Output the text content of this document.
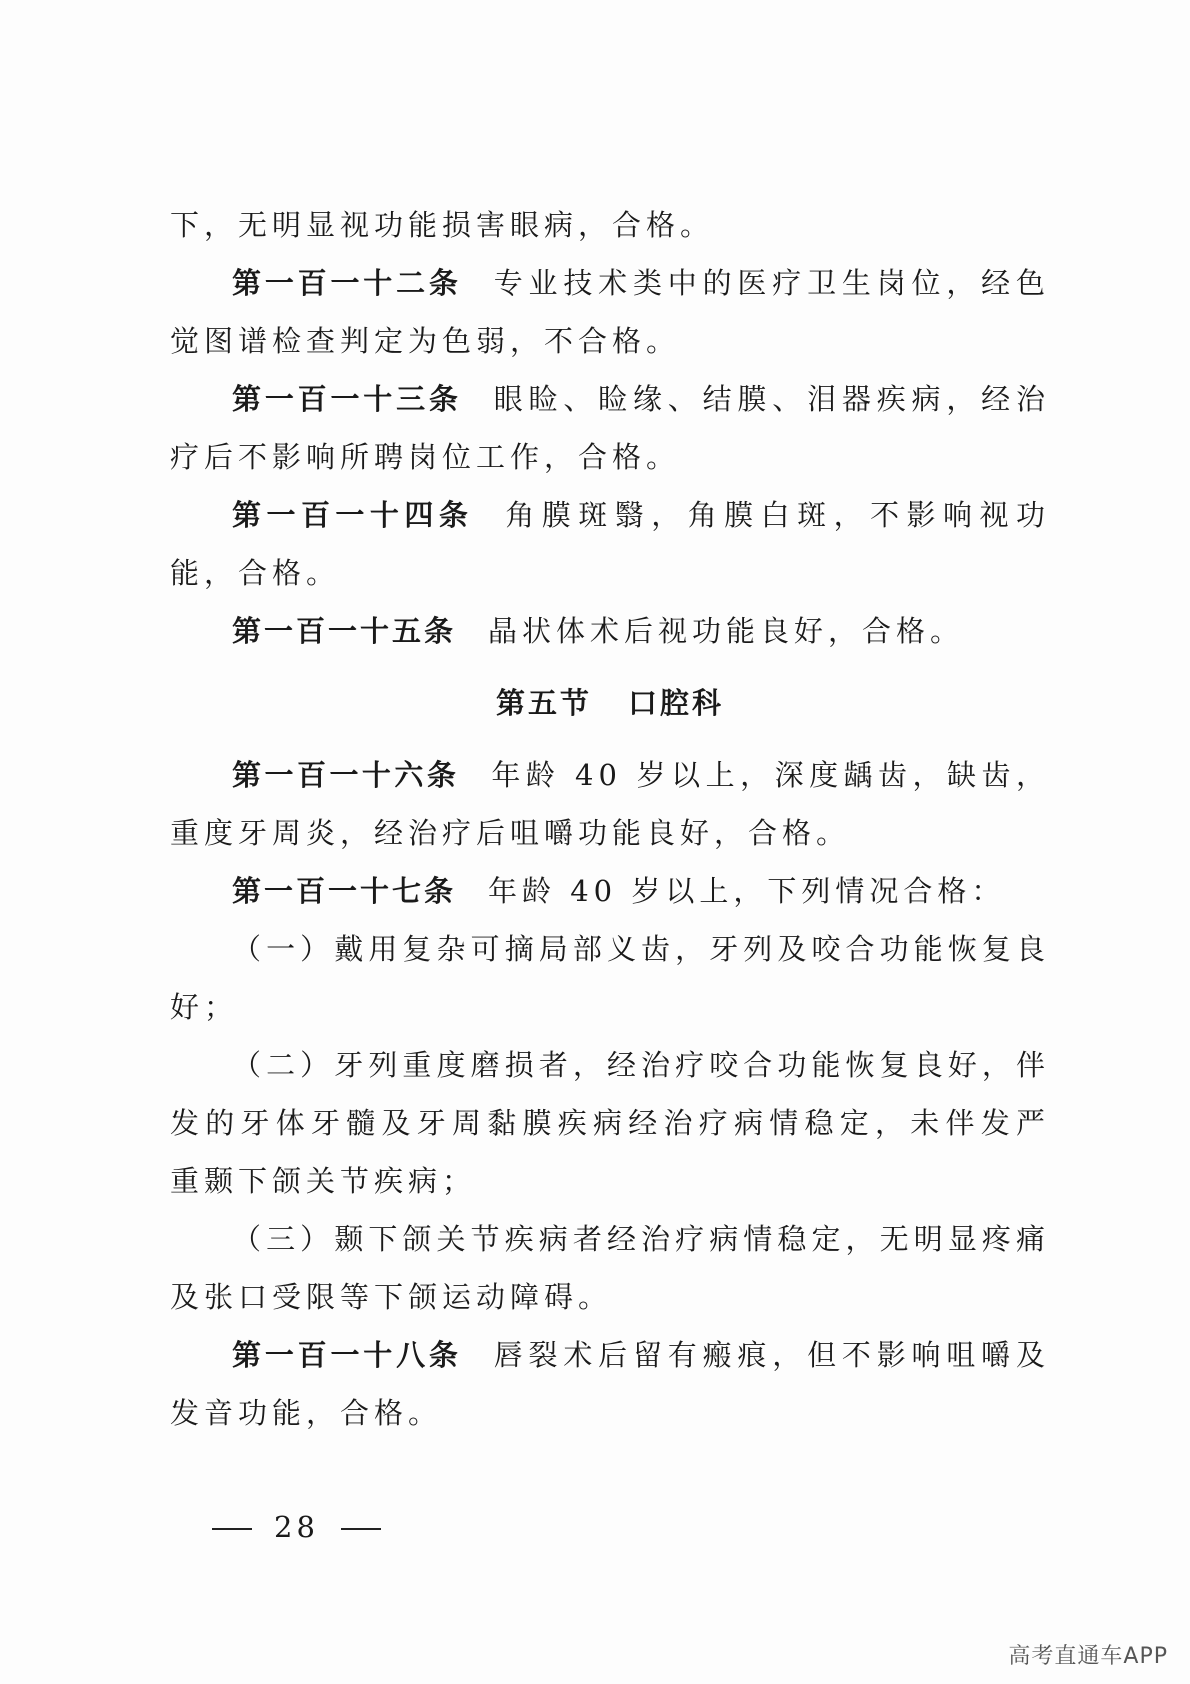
下，无明显视功能损害眼病，合格。

第一百一十二条 专业技术类中的医疗卫生岗位，经色觉图谱检查判定为色弱，不合格。

第一百一十三条 眼睑、睑缘、结膜、泪器疾病，经治疗后不影响所聘岗位工作，合格。

第一百一十四条 角膜斑翳，角膜白斑，不影响视功能，合格。

第一百一十五条 晶状体术后视功能良好，合格。

第五节 口腔科

第一百一十六条 年龄 40 岁以上，深度龋齿，缺齿，重度牙周炎，经治疗后咀嚼功能良好，合格。

第一百一十七条 年龄 40 岁以上，下列情况合格：

（一）戴用复杂可摘局部义齿，牙列及咬合功能恢复良好；

（二）牙列重度磨损者，经治疗咬合功能恢复良好，伴发的牙体牙髓及牙周黏膜疾病经治疗病情稳定，未伴发严重颞下颌关节疾病；

（三）颞下颌关节疾病者经治疗病情稳定，无明显疼痛及张口受限等下颌运动障碍。

第一百一十八条 唇裂术后留有瘢痕，但不影响咀嚼及发音功能，合格。

28
高考直通车APP
